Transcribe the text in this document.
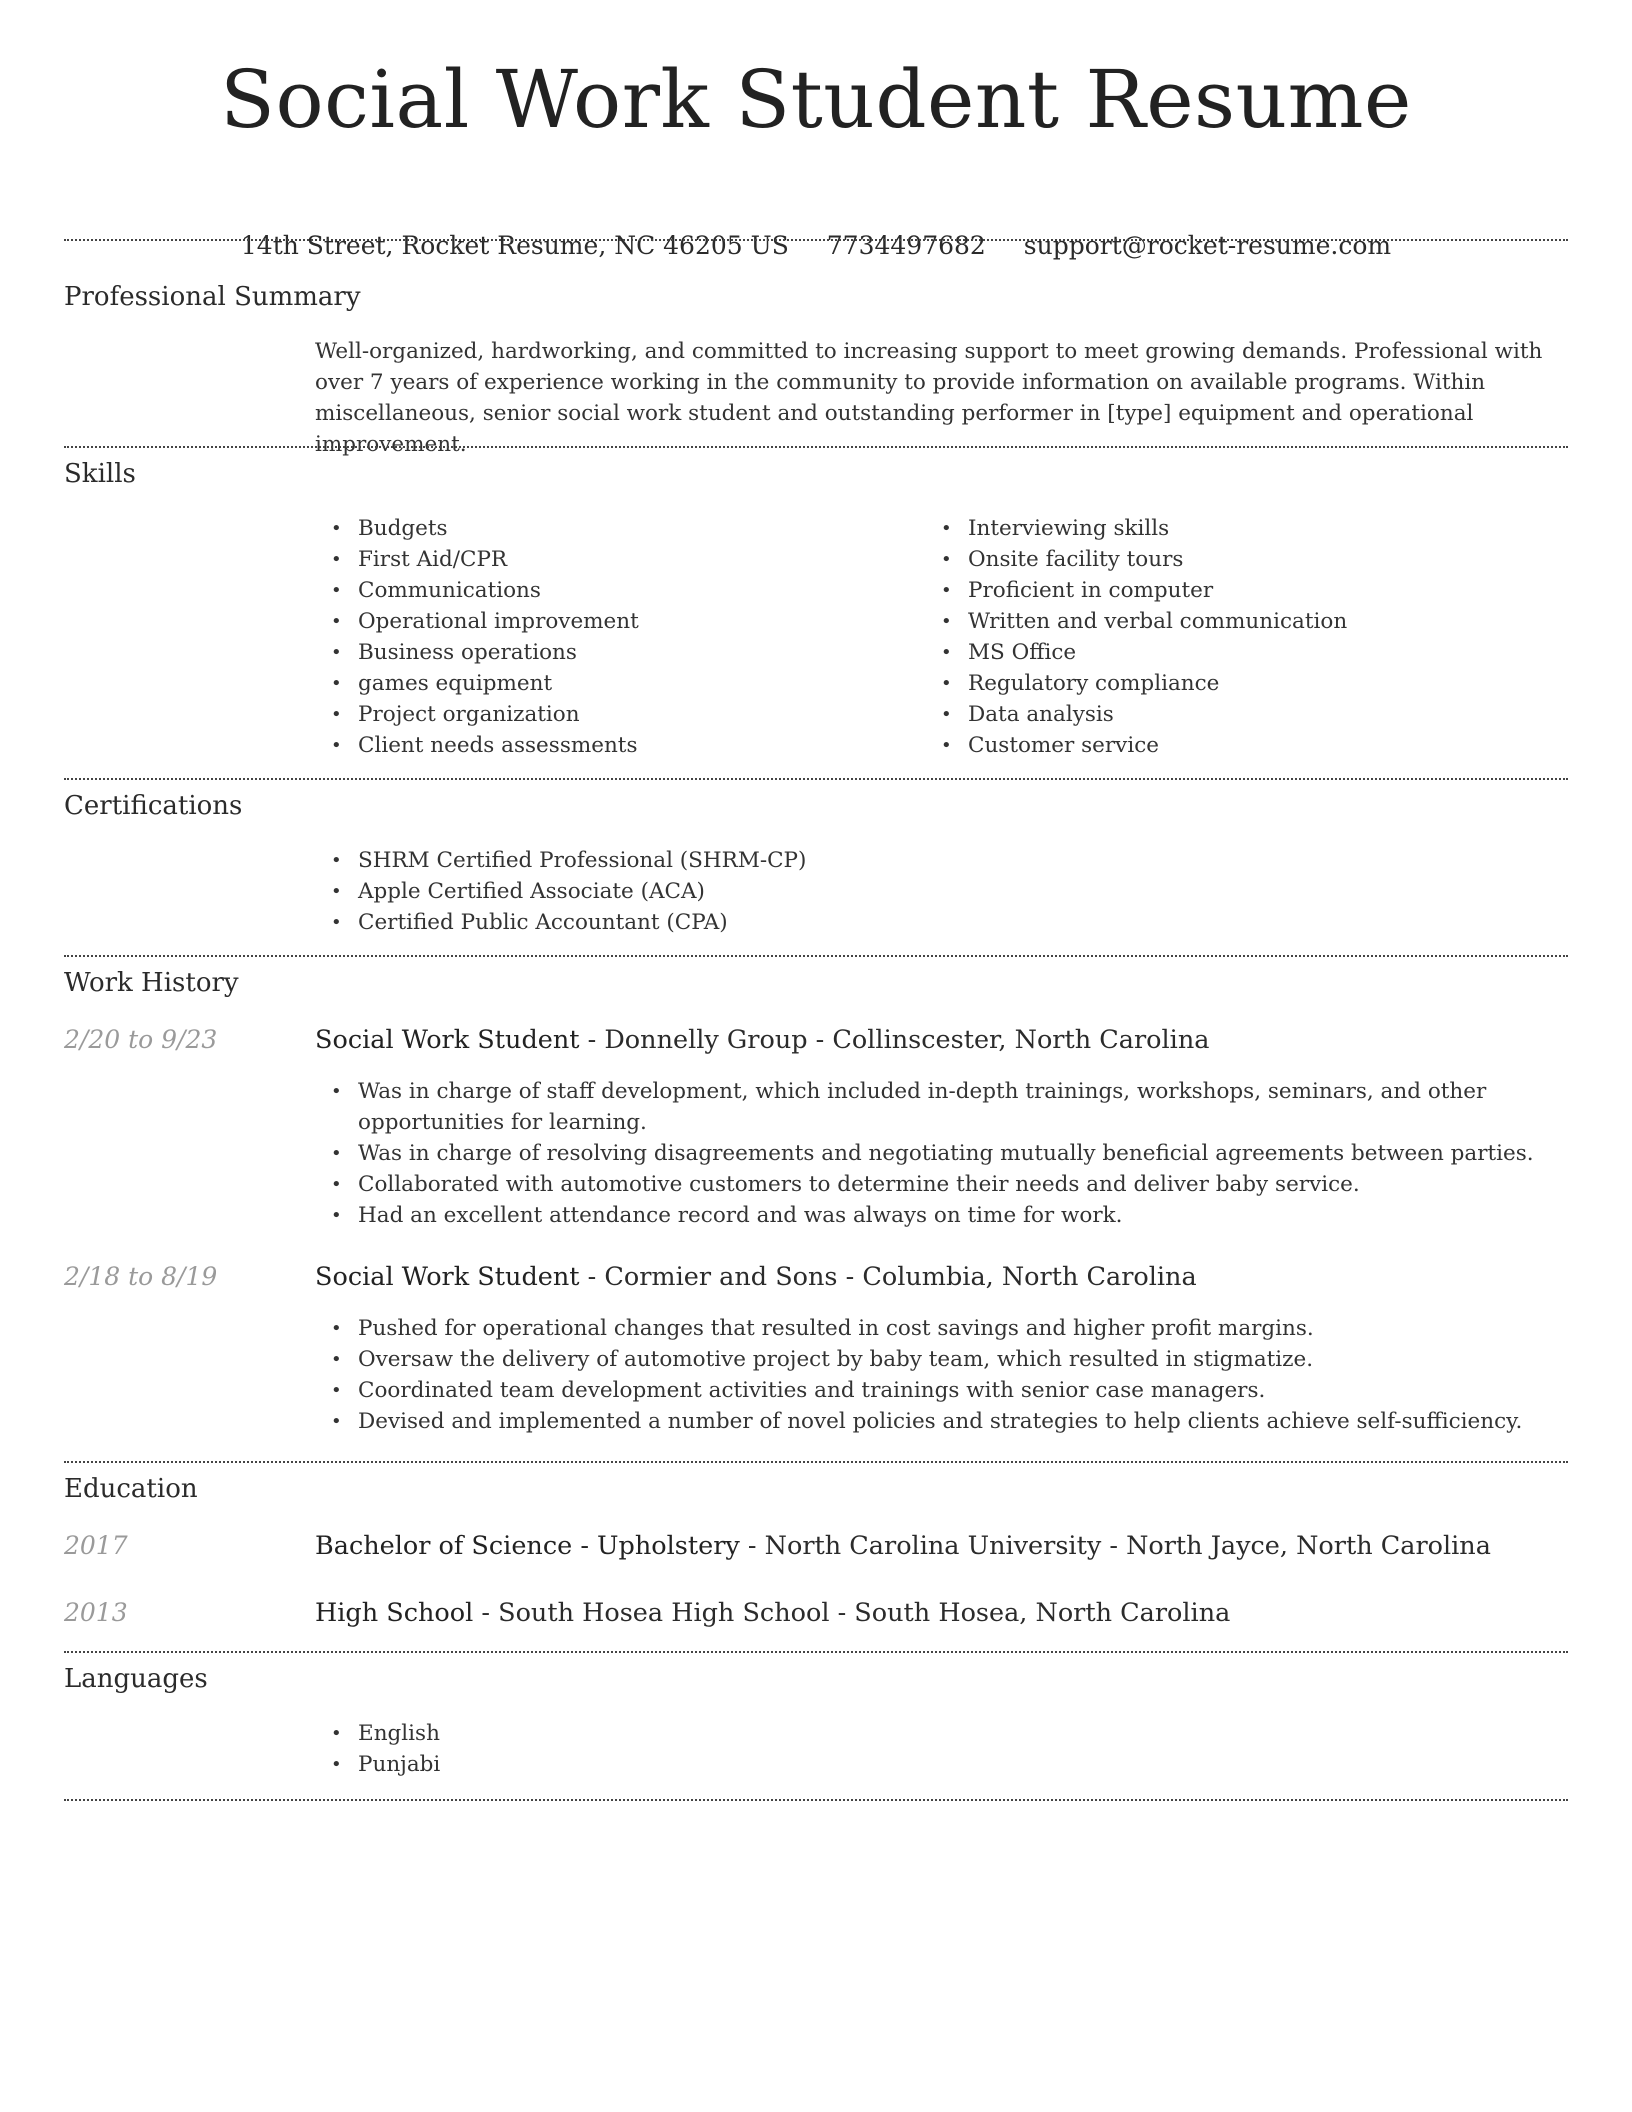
Social Work Student Resume
14th Street, Rocket Resume, NC 46205 US 7734497682 support@rocket-resume.com
Professional Summary
Well-organized, hardworking, and committed to increasing support to meet growing demands. Professional with over 7 years of experience working in the community to provide information on available programs. Within miscellaneous, senior social work student and outstanding performer in [type] equipment and operational improvement.
Skills
• Budgets
• First Aid/CPR
• Communications
• Operational improvement
• Business operations
• games equipment
• Project organization
• Client needs assessments
• Interviewing skills
• Onsite facility tours
• Proficient in computer
• Written and verbal communication
• MS Office
• Regulatory compliance
• Data analysis
• Customer service
Certifications
• SHRM Certified Professional (SHRM-CP)
• Apple Certified Associate (ACA)
• Certified Public Accountant (CPA)
Work History
2/20 to 9/23	Social Work Student - Donnelly Group - Collinscester, North Carolina
• Was in charge of staff development, which included in-depth trainings, workshops, seminars, and other opportunities for learning.
• Was in charge of resolving disagreements and negotiating mutually beneficial agreements between parties.
• Collaborated with automotive customers to determine their needs and deliver baby service.
• Had an excellent attendance record and was always on time for work.
2/18 to 8/19	Social Work Student - Cormier and Sons - Columbia, North Carolina
• Pushed for operational changes that resulted in cost savings and higher profit margins.
• Oversaw the delivery of automotive project by baby team, which resulted in stigmatize.
• Coordinated team development activities and trainings with senior case managers.
• Devised and implemented a number of novel policies and strategies to help clients achieve self-sufficiency.
Education
2017	Bachelor of Science - Upholstery - North Carolina University - North Jayce, North Carolina
2013	High School - South Hosea High School - South Hosea, North Carolina
Languages
• English
• Punjabi
